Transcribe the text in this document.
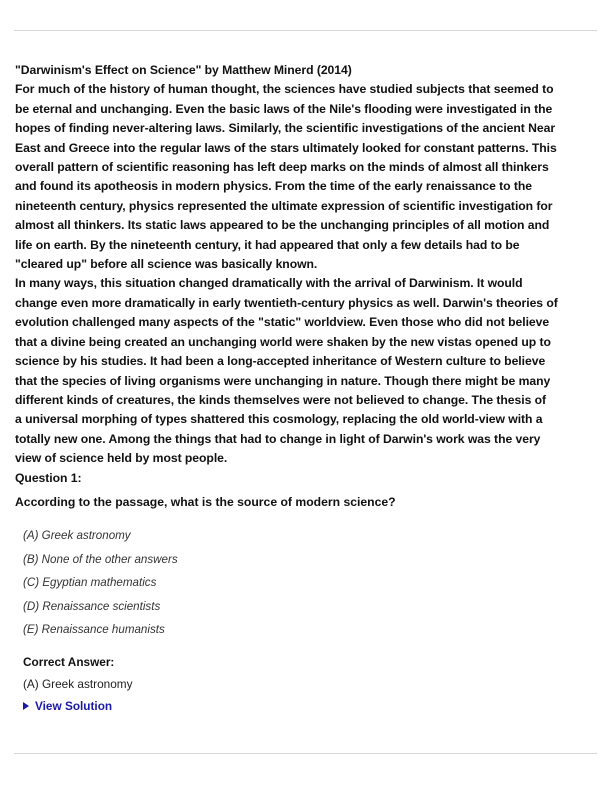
"Darwinism's Effect on Science" by Matthew Minerd (2014)
For much of the history of human thought, the sciences have studied subjects that seemed to
be eternal and unchanging. Even the basic laws of the Nile's flooding were investigated in the
hopes of finding never-altering laws. Similarly, the scientific investigations of the ancient Near
East and Greece into the regular laws of the stars ultimately looked for constant patterns. This
overall pattern of scientific reasoning has left deep marks on the minds of almost all thinkers
and found its apotheosis in modern physics. From the time of the early renaissance to the
nineteenth century, physics represented the ultimate expression of scientific investigation for
almost all thinkers. Its static laws appeared to be the unchanging principles of all motion and
life on earth. By the nineteenth century, it had appeared that only a few details had to be
"cleared up" before all science was basically known.
In many ways, this situation changed dramatically with the arrival of Darwinism. It would
change even more dramatically in early twentieth-century physics as well. Darwin's theories of
evolution challenged many aspects of the "static" worldview. Even those who did not believe
that a divine being created an unchanging world were shaken by the new vistas opened up to
science by his studies. It had been a long-accepted inheritance of Western culture to believe
that the species of living organisms were unchanging in nature. Though there might be many
different kinds of creatures, the kinds themselves were not believed to change. The thesis of
a universal morphing of types shattered this cosmology, replacing the old world-view with a
totally new one. Among the things that had to change in light of Darwin's work was the very
view of science held by most people.
Question 1:
According to the passage, what is the source of modern science?
(A) Greek astronomy
(B) None of the other answers
(C) Egyptian mathematics
(D) Renaissance scientists
(E) Renaissance humanists
Correct Answer:
(A) Greek astronomy
View Solution
